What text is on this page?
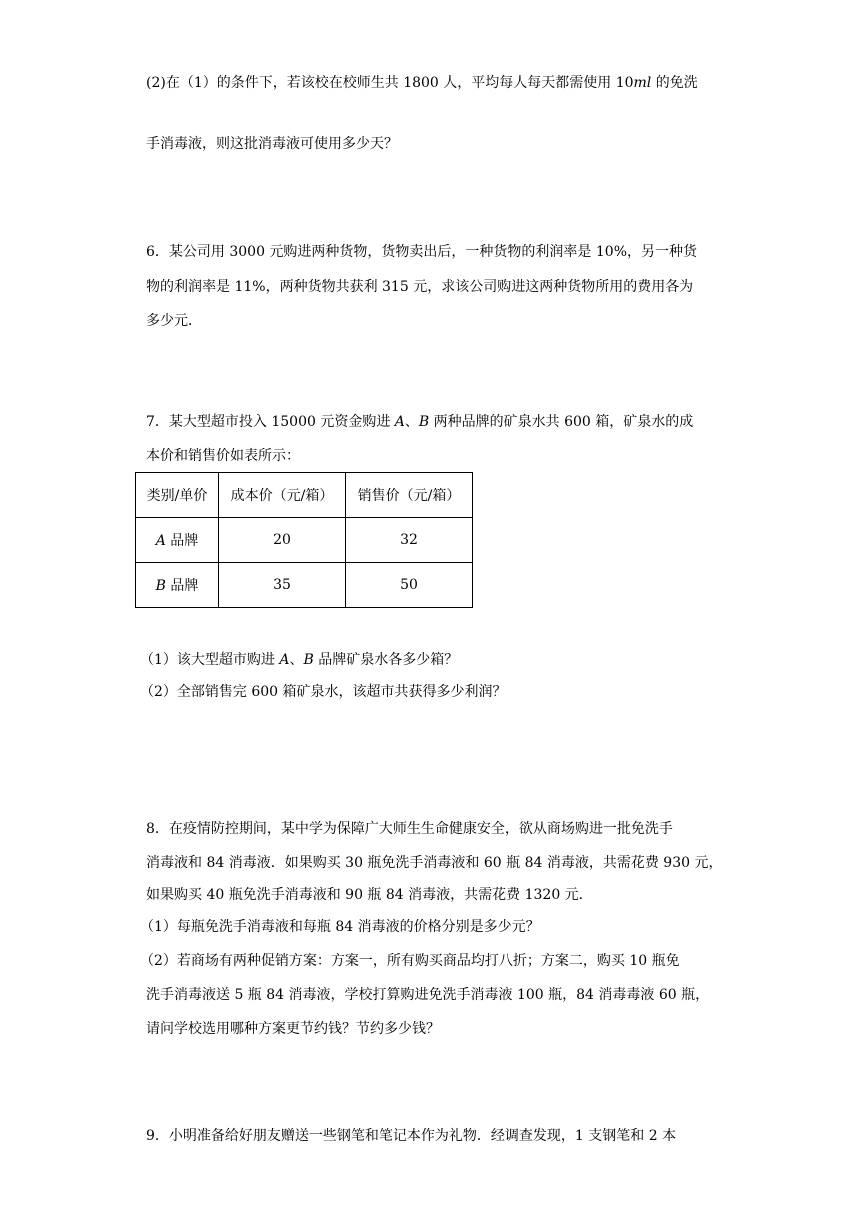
(2)在（1）的条件下，若该校在校师生共 1800 人，平均每人每天都需使用 10ml 的免洗
手消毒液，则这批消毒液可使用多少天？
6．某公司用 3000 元购进两种货物，货物卖出后，一种货物的利润率是 10%，另一种货
物的利润率是 11%，两种货物共获利 315 元，求该公司购进这两种货物所用的费用各为
多少元．
7．某大型超市投入 15000 元资金购进 A、B 两种品牌的矿泉水共 600 箱，矿泉水的成
本价和销售价如表所示：
类别/单价	成本价（元/箱）	销售价（元/箱）
A 品牌	20	32
B 品牌	35	50
（1）该大型超市购进 A、B 品牌矿泉水各多少箱？
（2）全部销售完 600 箱矿泉水，该超市共获得多少利润？
8．在疫情防控期间，某中学为保障广大师生生命健康安全，欲从商场购进一批免洗手
消毒液和 84 消毒液．如果购买 30 瓶免洗手消毒液和 60 瓶 84 消毒液，共需花费 930 元，
如果购买 40 瓶免洗手消毒液和 90 瓶 84 消毒液，共需花费 1320 元．
（1）每瓶免洗手消毒液和每瓶 84 消毒液的价格分别是多少元？
（2）若商场有两种促销方案：方案一，所有购买商品均打八折；方案二，购买 10 瓶免
洗手消毒液送 5 瓶 84 消毒液，学校打算购进免洗手消毒液 100 瓶，84 消毒毒液 60 瓶，
请问学校选用哪种方案更节约钱？节约多少钱？
9．小明准备给好朋友赠送一些钢笔和笔记本作为礼物．经调查发现，1 支钢笔和 2 本
